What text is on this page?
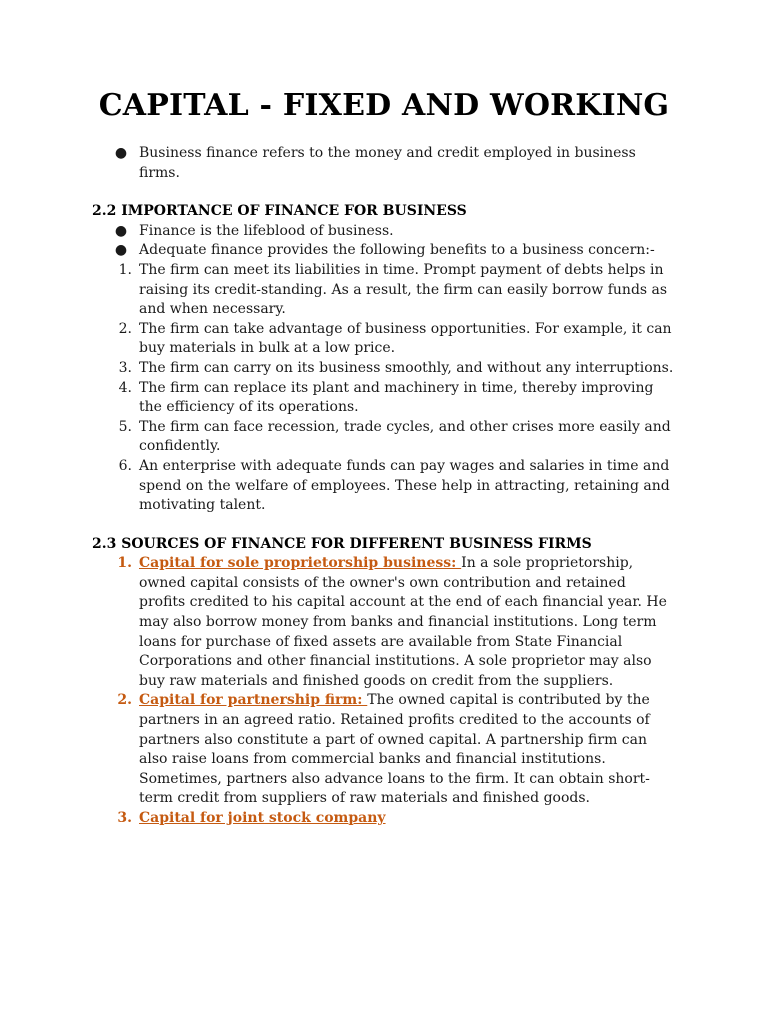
CAPITAL - FIXED AND WORKING
● Business finance refers to the money and credit employed in business firms.
2.2 IMPORTANCE OF FINANCE FOR BUSINESS
● Finance is the lifeblood of business.
● Adequate finance provides the following benefits to a business concern:-
1. The firm can meet its liabilities in time. Prompt payment of debts helps in raising its credit-standing. As a result, the firm can easily borrow funds as and when necessary.
2. The firm can take advantage of business opportunities. For example, it can buy materials in bulk at a low price.
3. The firm can carry on its business smoothly, and without any interruptions.
4. The firm can replace its plant and machinery in time, thereby improving the efficiency of its operations.
5. The firm can face recession, trade cycles, and other crises more easily and confidently.
6. An enterprise with adequate funds can pay wages and salaries in time and spend on the welfare of employees. These help in attracting, retaining and motivating talent.
2.3 SOURCES OF FINANCE FOR DIFFERENT BUSINESS FIRMS
1. Capital for sole proprietorship business: In a sole proprietorship, owned capital consists of the owner's own contribution and retained profits credited to his capital account at the end of each financial year. He may also borrow money from banks and financial institutions. Long term loans for purchase of fixed assets are available from State Financial Corporations and other financial institutions. A sole proprietor may also buy raw materials and finished goods on credit from the suppliers.
2. Capital for partnership firm: The owned capital is contributed by the partners in an agreed ratio. Retained profits credited to the accounts of partners also constitute a part of owned capital. A partnership firm can also raise loans from commercial banks and financial institutions. Sometimes, partners also advance loans to the firm. It can obtain short-term credit from suppliers of raw materials and finished goods.
3. Capital for joint stock company
